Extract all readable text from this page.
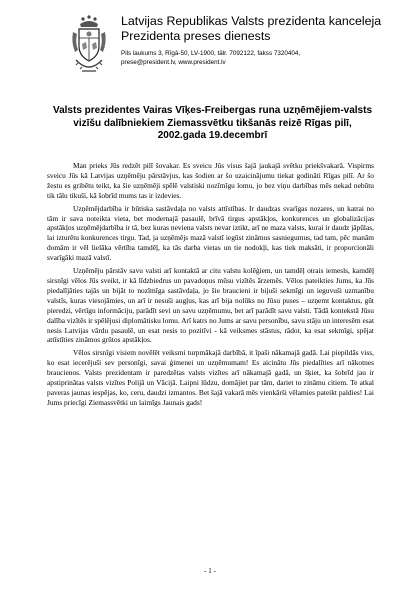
Latvijas Republikas Valsts prezidenta kanceleja
Prezidenta preses dienests
Pils laukums 3, Rīgā-50, LV-1900, tālr. 7092122, fakss 7320404,
prese@president.lv, www.president.lv
Valsts prezidentes Vairas Vīķes-Freibergas runa uzņēmējiem-valsts vizīšu dalībniekiem Ziemassvētku tikšanās reizē Rīgas pilī, 2002.gada 19.decembrī

Man prieks Jūs redzēt pilī šovakar. Es sveicu Jūs visus šajā jaukajā svētku priekšvakarā. Vispirms sveicu Jūs kā Latvijas uzņēmēju pārstāvjus, kas šodien ar šo uzaicinājumu tiekat godināti Rīgas pilī. Ar šo žestu es gribētu teikt, ka šie uzņēmēji spēlē valstiski nozīmīgu lomu, jo bez viņu darbības mēs nekad nebūtu tik tālu tikuši, kā šobrīd mums tas ir izdevies.

Uzņēmējdarbība ir būtiska sastāvdaļa no valsts attīstības. Ir daudzas svarīgas nozares, un katrai no tām ir sava noteikta vieta, bet modernajā pasaulē, brīvā tirgus apstākļos, konkurences un globalizācijas apstākļos uzņēmējdarbība ir tā, bez kuras neviena valsts nevar iztikt, arī ne maza valsts, kurai ir daudz jāpūlas, lai izturētu konkurences tirgu. Tad, ja uzņēmējs mazā valstī iegūst zināmus sasniegumus, tad tam, pēc manām domām ir vēl lielāka vērtība tamdēļ, ka tās darba vietas un tie nodokļi, kas tiek maksāti, ir proporcionāli svarīgāki mazā valstī.

Uzņēmēju pārstāv savu valsti arī kontaktā ar citu valstu kolēģiem, un tamdēļ otrais iemesls, kamdēļ sirsnīgi vēlos Jūs sveikt, ir kā līdzbiedrus un pavadoņus mūsu vizītēs ārzemēs. Vēlos pateikties Jums, ka Jūs piedalījāties tajās un bijāt to nozīmīga sastāvdaļa, jo šie braucieni ir bijuši sekmīgi un ieguvuši uzmanību valstīs, kuras viesojāmies, un arī ir nesuši augļus, kas arī bija nolūks no Jūsu puses – uzņemt kontaktus, gūt pieredzi, vērtīgu informāciju, parādīt sevi un savu uzņēmumu, bet arī parādīt savu valsti. Tādā kontekstā Jūsu dalība vizītēs ir spēlējusi diplomātisku lomu. Arī katrs no Jums ar savu personību, savu stāju un interesēm esat nesis Latvijas vārdu pasaulē, un esat nesis to pozitīvi - kā veiksmes stāstus, rādot, ka esat sekmīgi, spējat attīstīties zināmos grūtos apstākļos.

Vēlos sirsnīgi visiem novēlēt veiksmi turpmākajā darbībā, it īpaši nākamajā gadā. Lai piepildās viss, ko esat iecerējuši sev personīgi, savai ģimenei un uzņēmumam! Es aicinātu Jūs piedalīties arī nākotnes braucienos. Valsts prezidentam ir paredzētas valsts vizītes arī nākamajā gadā, un šķiet, ka šobrīd jau ir apstiprinātas valsts vizītes Polijā un Vācijā. Laipni lūdzu, domājiet par tām, dariet to zināmu citiem. Te atkal paveras jaunas iespējas, ko, ceru, daudzi izmantos. Bet šajā vakarā mēs vienkārši vēlamies pateikt paldies! Lai Jums priecīgi Ziemassvētki un laimīgs Jaunais gads!

- 1 -
